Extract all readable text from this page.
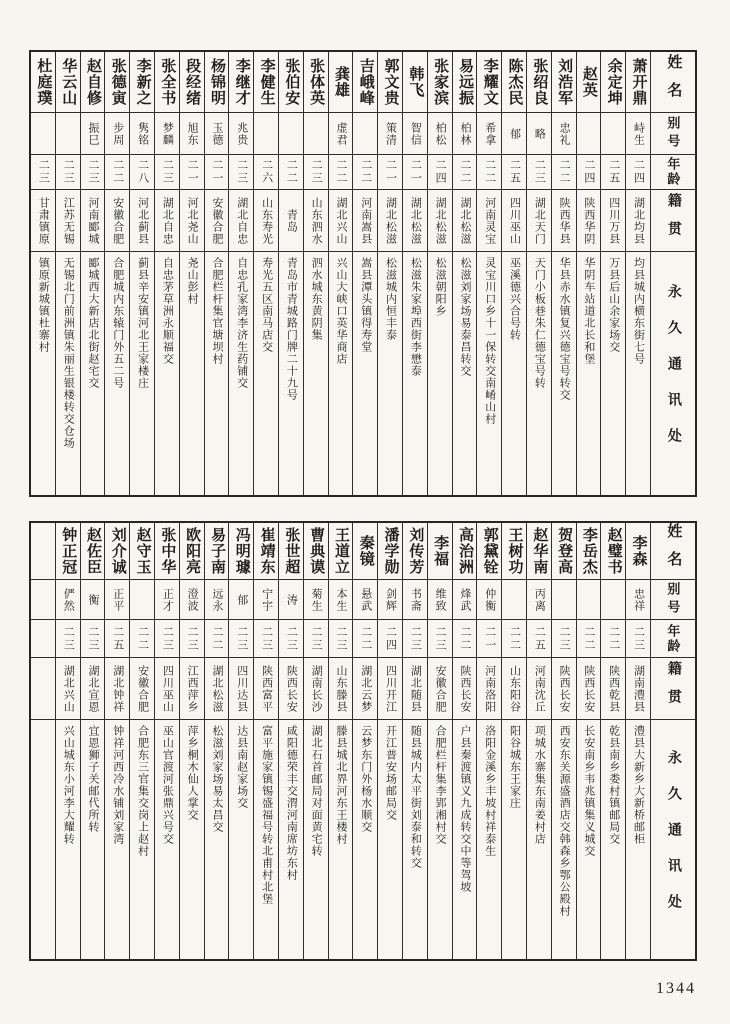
杜庭璞
二三
甘肃镇原
镇原新城镇杜寨村
华云山
二三
江苏无锡
无锡北门前洲镇朱丽生银楼转交仓场
赵自修
振巳
二三
河南郾城
郾城西大新店北街赵宅交
张德寅
步周
二二
安徽合肥
合肥城内东辕门外五二号
李新之
隽铭
二八
河北蓟县
蓟县辛安镇河北王家楼庄
张全书
梦麟
二三
湖北自忠
自忠茅草洲永顺福交
段经绪
旭东
二一
河北尧山
尧山彭村
杨锦明
玉德
二一
安徽合肥
合肥栏杆集官塘坝村
李继才
兆贵
二三
湖北自忠
自忠孔家湾李济生药铺交
李健生
二六
山东寿光
寿光五区南马店交
张伯安
二二
青岛
青岛市青城路门牌二十九号
张体英
二三
山东泗水
泗水城东黄阴集
龚雄
虚君
二二
湖北兴山
兴山大峡口英华商店
吉峨峰
二二
河南嵩县
嵩县潭头镇得寿堂
郭文贵
策清
二一
湖北松滋
松滋城内恒丰泰
韩飞
智信
二一
湖北松滋
松滋朱家埠西街李懋泰
张家滨
柏松
二四
湖北松滋
松滋朝阳乡
易远振
柏林
二二
湖北松滋
松滋刘家场易泰昌转交
李耀文
希拿
二二
河南灵宝
灵宝川口乡十一保转交南崤山村
陈杰民
郁
二五
四川巫山
巫溪德兴合号转
张绍良
略
二三
湖北天门
天门小板巷朱仁德宝号转
刘浩军
忠礼
二二
陕西华县
华县赤水镇复兴德宝号转交
赵英
二四
陕西华阴
华阴车站道北长和堡
余定坤
二五
四川万县
万县后山余家场交
萧开鼎
峙生
二四
湖北均县
均县城内横东街七号
姓名
别号
年龄
籍贯
永久通讯处
钟正冠
俨然
二三
湖北兴山
兴山城东小河李大耀转
赵佐臣
衡
二三
湖北宣恩
宜恩狮子关邮代所转
刘介诚
正平
二五
湖北钟祥
钟祥河西冷水铺刘家湾
赵守玉
二二
安徽合肥
合肥东三官集交岗上赵村
张中华
正才
二三
四川巫山
巫山官渡河张鼎兴号交
欧阳亮
澄波
二三
江西萍乡
萍乡桐木仙人掌交
易子南
远永
二二
湖北松滋
松滋刘家场易太昌交
冯明璩
郁
二三
四川达县
达县南赵家场交
崔靖东
宁宇
二三
陕西富平
富平施家镇锡盛福号转北甫村北堡
张世超
涛
二三
陕西长安
咸阳德荣丰交渭河南席坊东村
曹典谟
菊生
二三
湖南长沙
湖北石首邮局对面黄宅转
王道立
本生
二三
山东滕县
滕县城北界河东王楼村
秦镜
悬武
二二
湖北云梦
云梦东门外杨水顺交
潘学勋
剑辉
二四
四川开江
开江普安场邮局交
刘传芳
书斋
二三
湖北随县
随县城内太平街刘泰和转交
李福
维致
二三
安徽合肥
合肥栏杆集李郢湘村交
高治洲
烽武
二二
陕西长安
户县秦渡镇义九成转交中等驾坡
郭黛铨
仲衡
二一
河南洛阳
洛阳金溪乡丰坡村祥泰生
王树功
二二
山东阳谷
阳谷城东王家庄
赵华南
丙离
二五
河南沈丘
项城水寨集东南姜村店
贺登高
二三
陕西长安
西安东关源盛酒店交韩森乡鄂公殿村
李岳杰
二二
陕西长安
长安南乡韦兆镇集义城交
赵璧书
二二
陕西乾县
乾县南乡娄村镇邮局交
李森
忠祥
二三
湖南澧县
澧县大新乡大新桥邮柜
姓名
别号
年龄
籍贯
永久通讯处
1344
